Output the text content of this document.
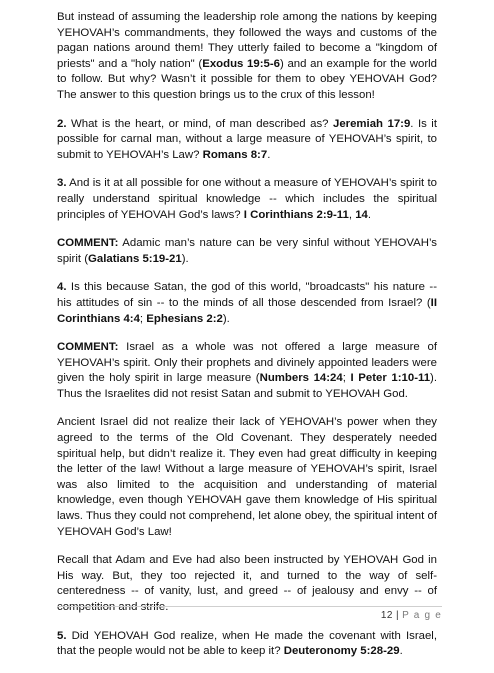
But instead of assuming the leadership role among the nations by keeping YEHOVAH’s commandments, they followed the ways and customs of the pagan nations around them! They utterly failed to become a "kingdom of priests" and a "holy nation" (Exodus 19:5-6) and an example for the world to follow. But why? Wasn’t it possible for them to obey YEHOVAH God? The answer to this question brings us to the crux of this lesson!

2. What is the heart, or mind, of man described as? Jeremiah 17:9. Is it possible for carnal man, without a large measure of YEHOVAH’s spirit, to submit to YEHOVAH’s Law? Romans 8:7.

3. And is it at all possible for one without a measure of YEHOVAH’s spirit to really understand spiritual knowledge -- which includes the spiritual principles of YEHOVAH God’s laws? I Corinthians 2:9-11, 14.

COMMENT: Adamic man’s nature can be very sinful without YEHOVAH’s spirit (Galatians 5:19-21).

4. Is this because Satan, the god of this world, "broadcasts" his nature -- his attitudes of sin -- to the minds of all those descended from Israel? (II Corinthians 4:4; Ephesians 2:2).

COMMENT: Israel as a whole was not offered a large measure of YEHOVAH’s spirit. Only their prophets and divinely appointed leaders were given the holy spirit in large measure (Numbers 14:24; I Peter 1:10-11). Thus the Israelites did not resist Satan and submit to YEHOVAH God.

Ancient Israel did not realize their lack of YEHOVAH’s power when they agreed to the terms of the Old Covenant. They desperately needed spiritual help, but didn’t realize it. They even had great difficulty in keeping the letter of the law! Without a large measure of YEHOVAH’s spirit, Israel was also limited to the acquisition and understanding of material knowledge, even though YEHOVAH gave them knowledge of His spiritual laws. Thus they could not comprehend, let alone obey, the spiritual intent of YEHOVAH God’s Law!

Recall that Adam and Eve had also been instructed by YEHOVAH God in His way. But, they too rejected it, and turned to the way of self-centeredness -- of vanity, lust, and greed -- of jealousy and envy -- of competition and strife.

5. Did YEHOVAH God realize, when He made the covenant with Israel, that the people would not be able to keep it? Deuteronomy 5:28-29.

12 | P a g e
